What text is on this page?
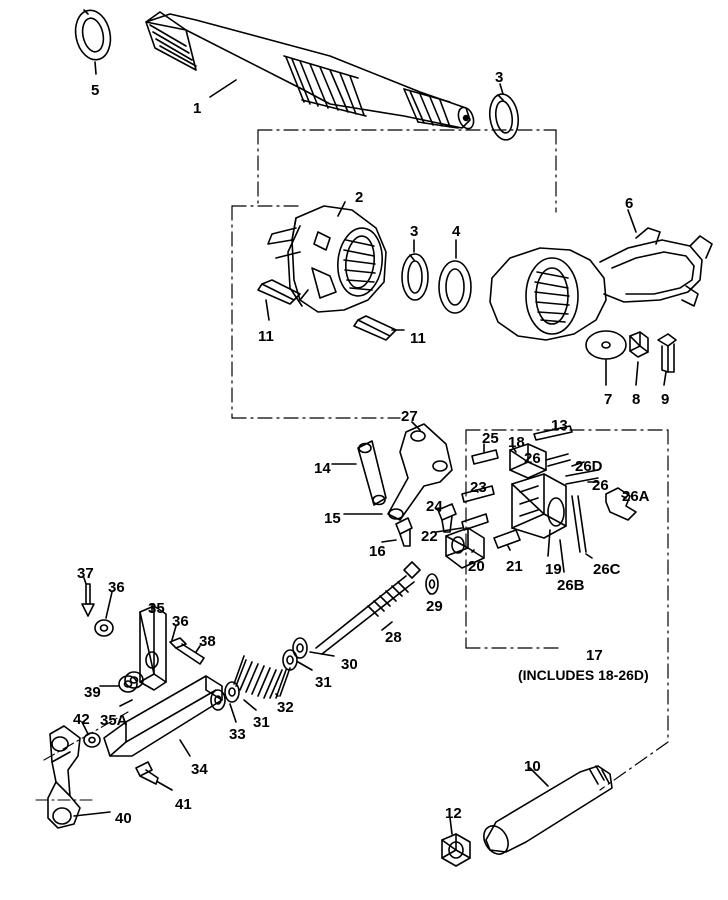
5
1
3
2
3 4
6
11	11
7 8 9
27
13
25 18
26 26D
14
23	26
26A
24
15
22
16
26C
19
26B
20 21
29
17
37
36
35
36
38	28
30
31
39
32
35A
42	31
33
34	10
41
40	12
(INCLUDES 18-26D)
